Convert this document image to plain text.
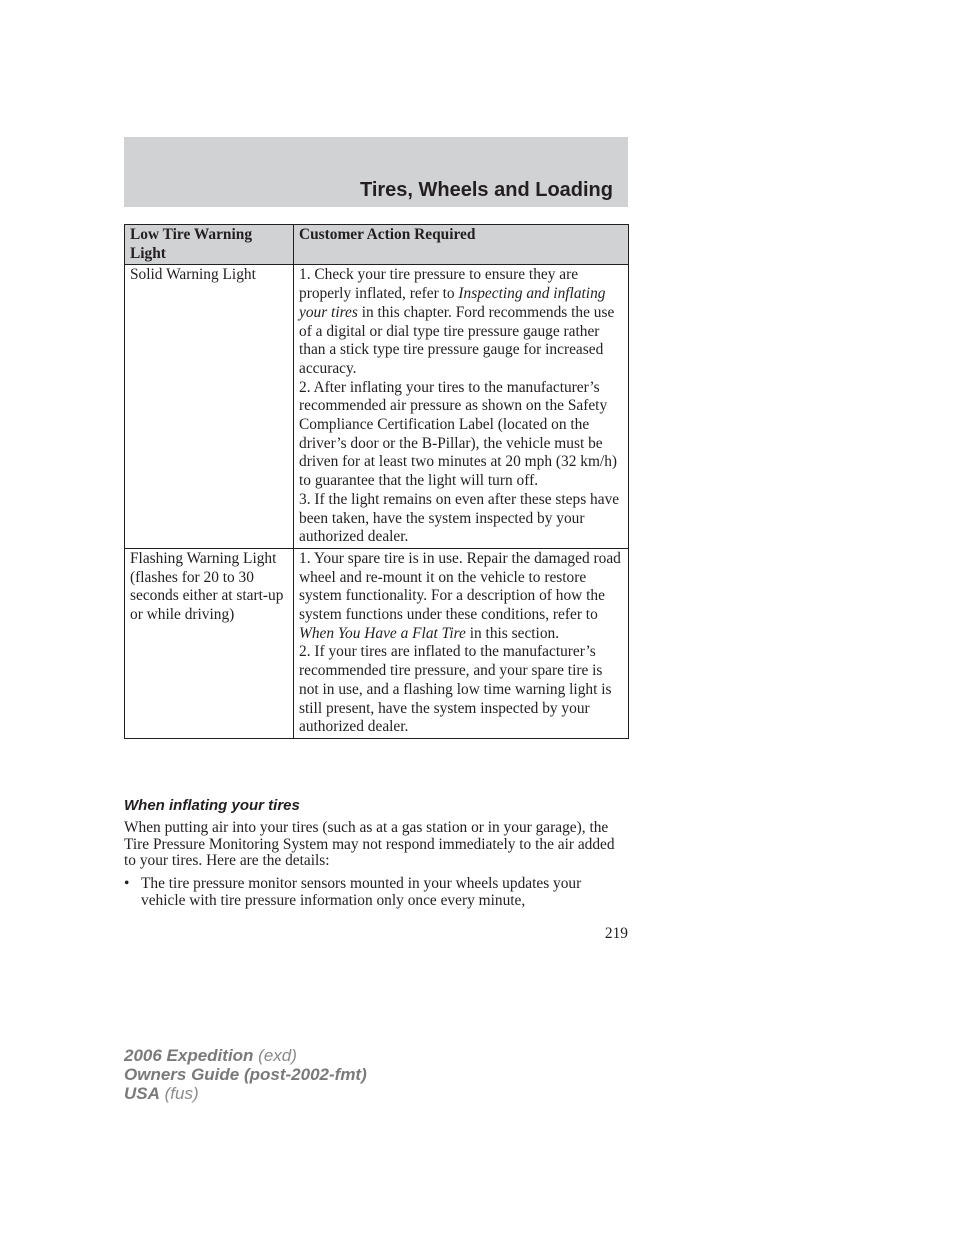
Tires, Wheels and Loading
Low Tire Warning Light	Customer Action Required
Solid Warning Light	1. Check your tire pressure to ensure they are properly inflated, refer to Inspecting and inflating your tires in this chapter. Ford recommends the use of a digital or dial type tire pressure gauge rather than a stick type tire pressure gauge for increased accuracy.
2. After inflating your tires to the manufacturer’s recommended air pressure as shown on the Safety Compliance Certification Label (located on the driver’s door or the B-Pillar), the vehicle must be driven for at least two minutes at 20 mph (32 km/h) to guarantee that the light will turn off.
3. If the light remains on even after these steps have been taken, have the system inspected by your authorized dealer.

Flashing Warning Light (flashes for 20 to 30 seconds either at start-up or while driving)	1. Your spare tire is in use. Repair the damaged road wheel and re-mount it on the vehicle to restore system functionality. For a description of how the system functions under these conditions, refer to When You Have a Flat Tire in this section.
2. If your tires are inflated to the manufacturer’s recommended tire pressure, and your spare tire is not in use, and a flashing low time warning light is still present, have the system inspected by your authorized dealer.
When inflating your tires

When putting air into your tires (such as at a gas station or in your garage), the Tire Pressure Monitoring System may not respond immediately to the air added to your tires. Here are the details:

• The tire pressure monitor sensors mounted in your wheels updates your vehicle with tire pressure information only once every minute,

219

2006 Expedition (exd)
Owners Guide (post-2002-fmt)
USA (fus)
